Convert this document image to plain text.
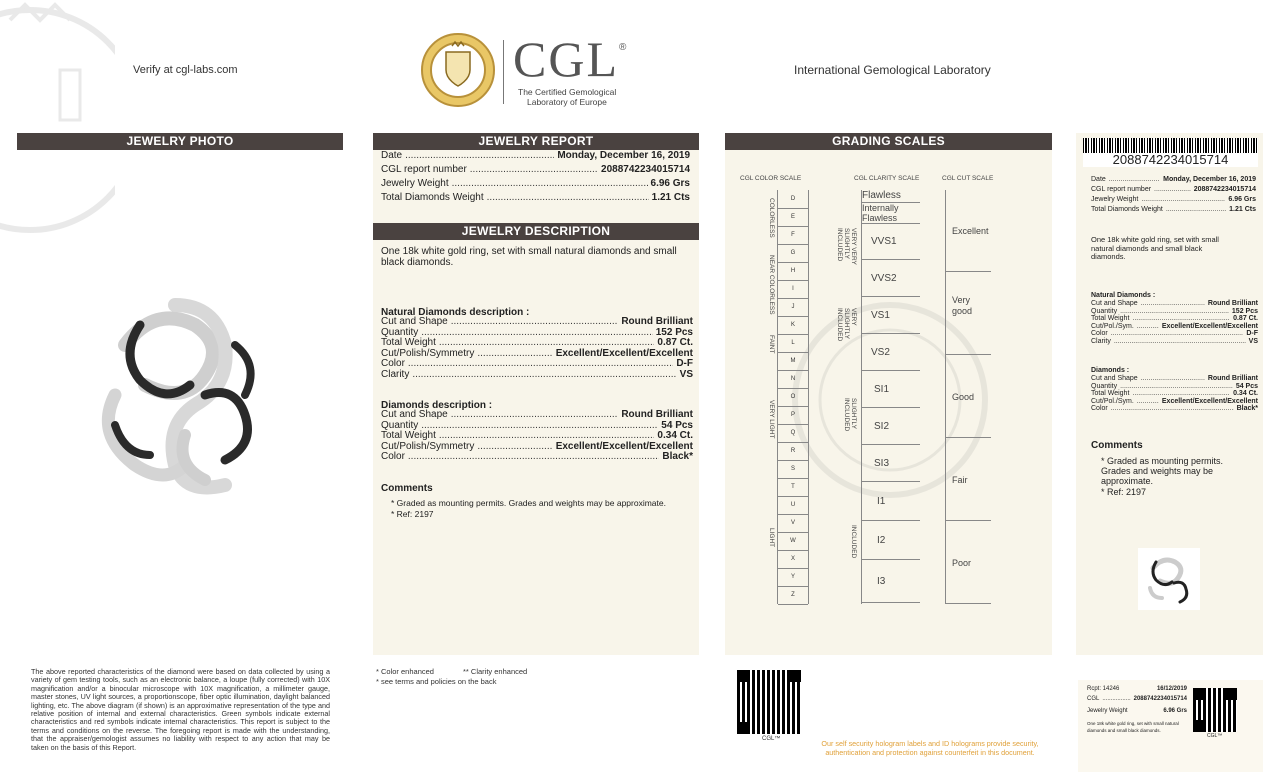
Verify at cgl-labs.com	CGL ®
The Certified Gemological
Laboratory of Europe
International Gemological Laboratory
JEWELRY PHOTO	JEWELRY REPORT
Date .....	Monday, December 16, 2019
CGL report number .....	2088742234015714
Jewelry Weight .....	6.96 Grs
Total Diamonds Weight .....	1.21 Cts
JEWELRY DESCRIPTION
One 18k white gold ring, set with small natural diamonds and small black diamonds.
Natural Diamonds description :
Cut and Shape .....	Round Brilliant
Quantity .....	152 Pcs
Total Weight .....	0.87 Ct.
Cut/Polish/Symmetry .....	Excellent/Excellent/Excellent
Color .....	D-F
Clarity .....	VS
Diamonds description :
Cut and Shape .....	Round Brilliant
Quantity .....	54 Pcs
Total Weight .....	0.34 Ct.
Cut/Polish/Symmetry .....	Excellent/Excellent/Excellent
Color .....	Black*
Comments
* Graded as mounting permits. Grades and weights may be approximate.
* Ref: 2197
GRADING SCALES
CGL COLOR SCALE	CGL CLARITY SCALE	CGL CUT SCALE
D
E
F
G
H
I
J
K
L
M
N
O
P
Q
R
S
T
U
V
W
X
Y
Z
COLORLESS
NEAR COLORLESS
FAINT
VERY LIGHT
LIGHT
Flawless
Internally Flawless
VVS1
VVS2
VS1
VS2
SI1
SI2
SI3
I1
I2
I3
VERY VERY SLIGHTLY INCLUDED
VERY SLIGHTLY INCLUDED
SLIGHTLY INCLUDED
INCLUDED
Excellent
Very good
Good
Fair
Poor
2088742234015714
Date .....	Monday, December 16, 2019
CGL report number .....	2088742234015714
Jewelry Weight .....	6.96 Grs
Total Diamonds Weight .....	1.21 Cts
One 18k white gold ring, set with small natural diamonds and small black diamonds.
Natural Diamonds :
Cut and Shape .....	Round Brilliant
Quantity .....	152 Pcs
Total Weight .....	0.87 Ct.
Cut/Pol./Sym. .....	Excellent/Excellent/Excellent
Color .....	D-F
Clarity .....	VS
Diamonds :
Cut and Shape .....	Round Brilliant
Quantity .....	54 Pcs
Total Weight .....	0.34 Ct.
Cut/Pol./Sym. .....	Excellent/Excellent/Excellent
Color .....	Black*
Comments
* Graded as mounting permits. Grades and weights may be approximate.
* Ref: 2197
The above reported characteristics of the diamond were based on data collected by using a variety of gem testing tools, such as an electronic balance, a loupe (fully corrected) with 10X magnification and/or a binocular microscope with 10X magnification, a millimeter gauge, master stones, UV light sources, a proportionscope, fiber optic illumination, daylight balanced lighting, etc. The above diagram (if shown) is an approximative representation of the type and relative position of internal and external characteristics. Green symbols indicate external characteristics and red symbols indicate internal characteristics. This report is subject to the terms and conditions on the reverse. The foregoing report is made with the understanding, that the appraiser/gemologist assumes no liability with respect to any action that may be taken on the basis of this Report.
* Color enhanced	** Clarity enhanced
* see terms and policies on the back
CGL™	Our self security hologram labels and ID holograms provide security, authentication and protection against counterfeit in this document.
Rcpt: 14246	16/12/2019
CGL .....	2088742234015714
Jewelry Weight	6.96 Grs
One 18k white gold ring, set with small natural diamonds and small black diamonds.
CGL™
